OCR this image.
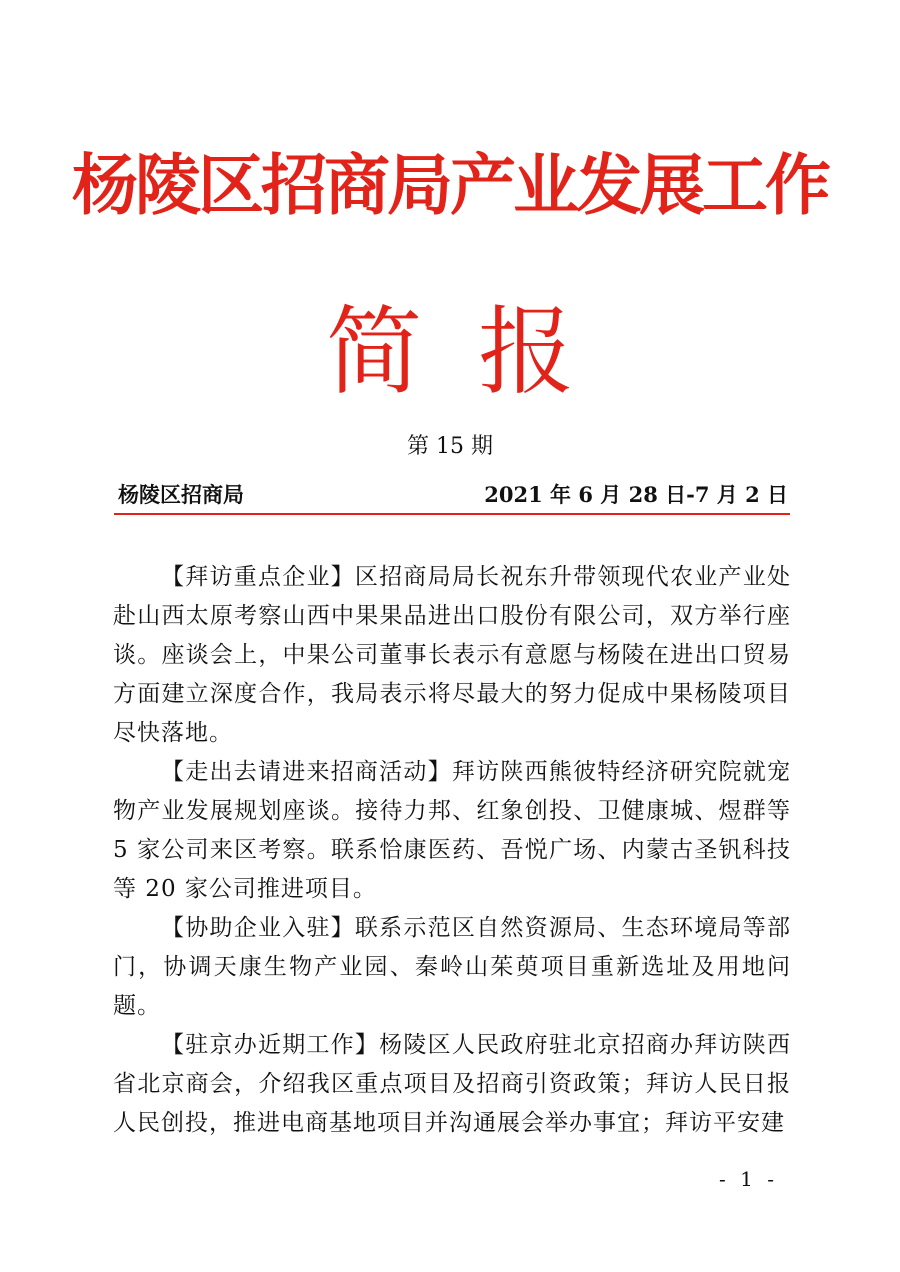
杨陵区招商局产业发展工作
简报
第 15 期
杨陵区招商局	2021 年 6 月 28 日-7 月 2 日

【拜访重点企业】区招商局局长祝东升带领现代农业产业处赴山西太原考察山西中果果品进出口股份有限公司，双方举行座谈。座谈会上，中果公司董事长表示有意愿与杨陵在进出口贸易方面建立深度合作，我局表示将尽最大的努力促成中果杨陵项目尽快落地。

【走出去请进来招商活动】拜访陕西熊彼特经济研究院就宠物产业发展规划座谈。接待力邦、红象创投、卫健康城、煜群等 5 家公司来区考察。联系恰康医药、吾悦广场、内蒙古圣钒科技等 20 家公司推进项目。

【协助企业入驻】联系示范区自然资源局、生态环境局等部门，协调天康生物产业园、秦岭山茱萸项目重新选址及用地问题。

【驻京办近期工作】杨陵区人民政府驻北京招商办拜访陕西省北京商会，介绍我区重点项目及招商引资政策；拜访人民日报人民创投，推进电商基地项目并沟通展会举办事宜；拜访平安建

- 1 -
